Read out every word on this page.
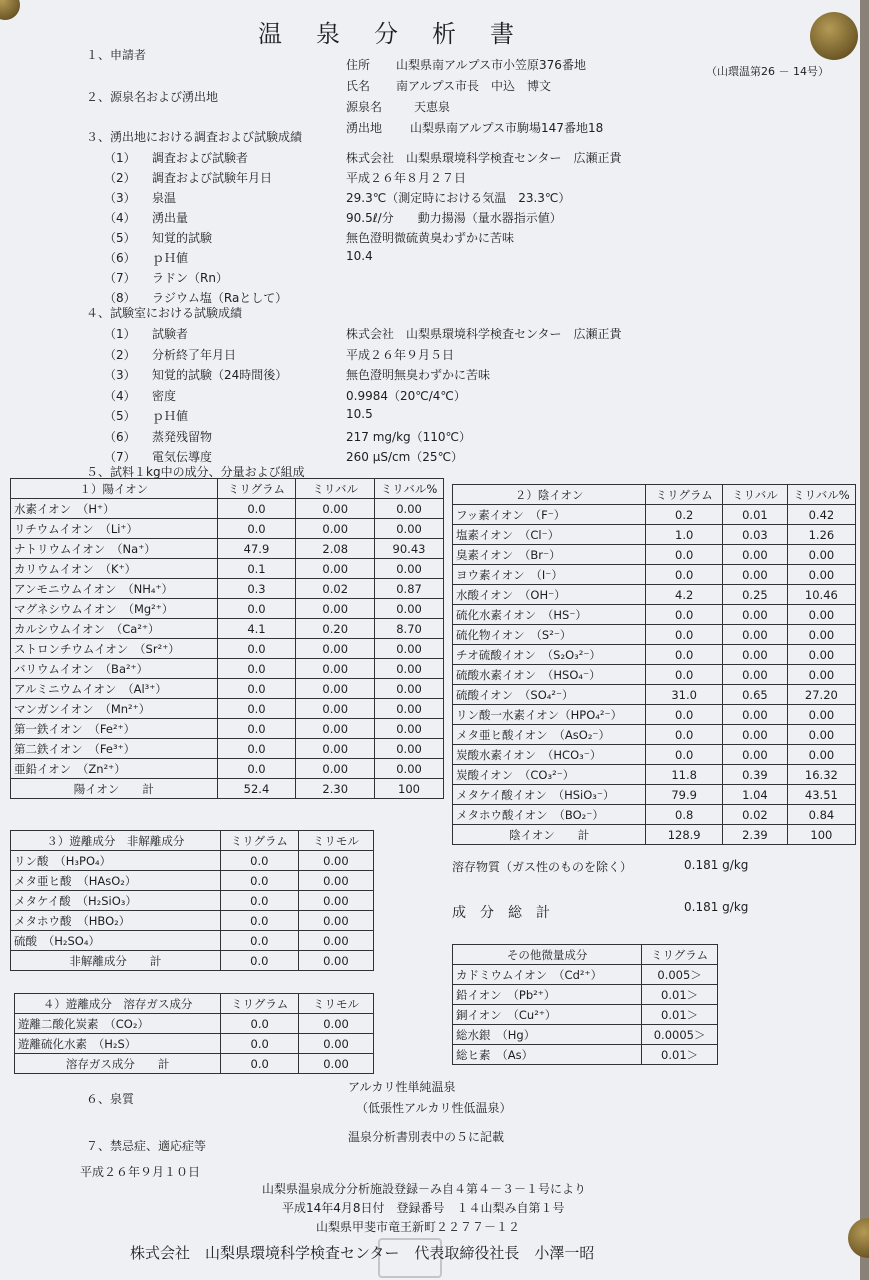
温泉分析書
（山環温第26 － 14号）
１、申請者
住所 山梨県南アルプス市小笠原376番地
氏名 南アルプス市長　中込　博文
２、源泉名および湧出地
源泉名	天恵泉
湧出地 山梨県南アルプス市駒場147番地18
３、湧出地における調査および試験成績
（1） 調査および試験者	株式会社　山梨県環境科学検査センター　広瀬正貴
（2） 調査および試験年月日	平成２６年８月２７日
（3） 泉温	29.3℃（測定時における気温　23.3℃）
（4） 湧出量	90.5ℓ/分　　動力揚湯（量水器指示値）
（5） 知覚的試験	無色澄明微硫黄臭わずかに苦味
（6） ｐＨ値	10.4
（7） ラドン（Rn）
（8） ラジウム塩（Raとして）
４、試験室における試験成績
（1） 試験者	株式会社　山梨県環境科学検査センター　広瀬正貴
（2） 分析終了年月日	平成２６年９月５日
（3） 知覚的試験（24時間後）	無色澄明無臭わずかに苦味
（4） 密度	0.9984（20℃/4℃）
（5） ｐＨ値	10.5
（6） 蒸発残留物	217 mg/kg（110℃）
（7） 電気伝導度	260 μS/cm（25℃）
５、試料１kg中の成分、分量および組成
１）陽イオン	ミリグラム	ミリバル	ミリバル%
水素イオン　（H⁺）	0.0	0.00	0.00
リチウムイオン　（Li⁺）	0.0	0.00	0.00
ナトリウムイオン　（Na⁺）	47.9	2.08	90.43
カリウムイオン　（K⁺）	0.1	0.00	0.00
アンモニウムイオン　（NH₄⁺）	0.3	0.02	0.87
マグネシウムイオン　（Mg²⁺）	0.0	0.00	0.00
カルシウムイオン　（Ca²⁺）	4.1	0.20	8.70
ストロンチウムイオン　（Sr²⁺）	0.0	0.00	0.00
バリウムイオン　（Ba²⁺）	0.0	0.00	0.00
アルミニウムイオン　（Al³⁺）	0.0	0.00	0.00
マンガンイオン　（Mn²⁺）	0.0	0.00	0.00
第一鉄イオン　（Fe²⁺）	0.0	0.00	0.00
第二鉄イオン　（Fe³⁺）	0.0	0.00	0.00
亜鉛イオン　（Zn²⁺）	0.0	0.00	0.00
陽イオン　　計	52.4	2.30	100
２）陰イオン	ミリグラム	ミリバル	ミリバル%
フッ素イオン　（F⁻）	0.2	0.01	0.42
塩素イオン　（Cl⁻）	1.0	0.03	1.26
臭素イオン　（Br⁻）	0.0	0.00	0.00
ヨウ素イオン　（I⁻）	0.0	0.00	0.00
水酸イオン　（OH⁻）	4.2	0.25	10.46
硫化水素イオン　（HS⁻）	0.0	0.00	0.00
硫化物イオン　（S²⁻）	0.0	0.00	0.00
チオ硫酸イオン　（S₂O₃²⁻）	0.0	0.00	0.00
硫酸水素イオン　（HSO₄⁻）	0.0	0.00	0.00
硫酸イオン　（SO₄²⁻）	31.0	0.65	27.20
リン酸一水素イオン（HPO₄²⁻）	0.0	0.00	0.00
メタ亜ヒ酸イオン　（AsO₂⁻）	0.0	0.00	0.00
炭酸水素イオン　（HCO₃⁻）	0.0	0.00	0.00
炭酸イオン　（CO₃²⁻）	11.8	0.39	16.32
メタケイ酸イオン　（HSiO₃⁻）	79.9	1.04	43.51
メタホウ酸イオン　（BO₂⁻）	0.8	0.02	0.84
陰イオン　　計	128.9	2.39	100
３）遊離成分　非解離成分	ミリグラム	ミリモル
リン酸　（H₃PO₄）	0.0	0.00
メタ亜ヒ酸　（HAsO₂）	0.0	0.00
メタケイ酸　（H₂SiO₃）	0.0	0.00
メタホウ酸　（HBO₂）	0.0	0.00
硫酸　（H₂SO₄）	0.0	0.00
非解離成分　　計	0.0	0.00
４）遊離成分　溶存ガス成分	ミリグラム	ミリモル
遊離二酸化炭素　（CO₂）	0.0	0.00
遊離硫化水素　（H₂S）	0.0	0.00
溶存ガス成分　　計	0.0	0.00
その他微量成分	ミリグラム
カドミウムイオン　（Cd²⁺）	0.005＞
鉛イオン　（Pb²⁺）	0.01＞
銅イオン　（Cu²⁺）	0.01＞
総水銀　（Hg）	0.0005＞
総ヒ素　（As）	0.01＞
溶存物質（ガス性のものを除く）	0.181 g/kg
成　分　総　計	0.181 g/kg
６、泉質
アルカリ性単純温泉
（低張性アルカリ性低温泉）
７、禁忌症、適応症等
温泉分析書別表中の５に記載
平成２６年９月１０日
山梨県温泉成分分析施設登録－み自４第４－３－１号により
平成14年4月8日付　登録番号　１４山梨み自第１号
山梨県甲斐市竜王新町２２７７－１２
株式会社　山梨県環境科学検査センター　代表取締役社長　小澤一昭
